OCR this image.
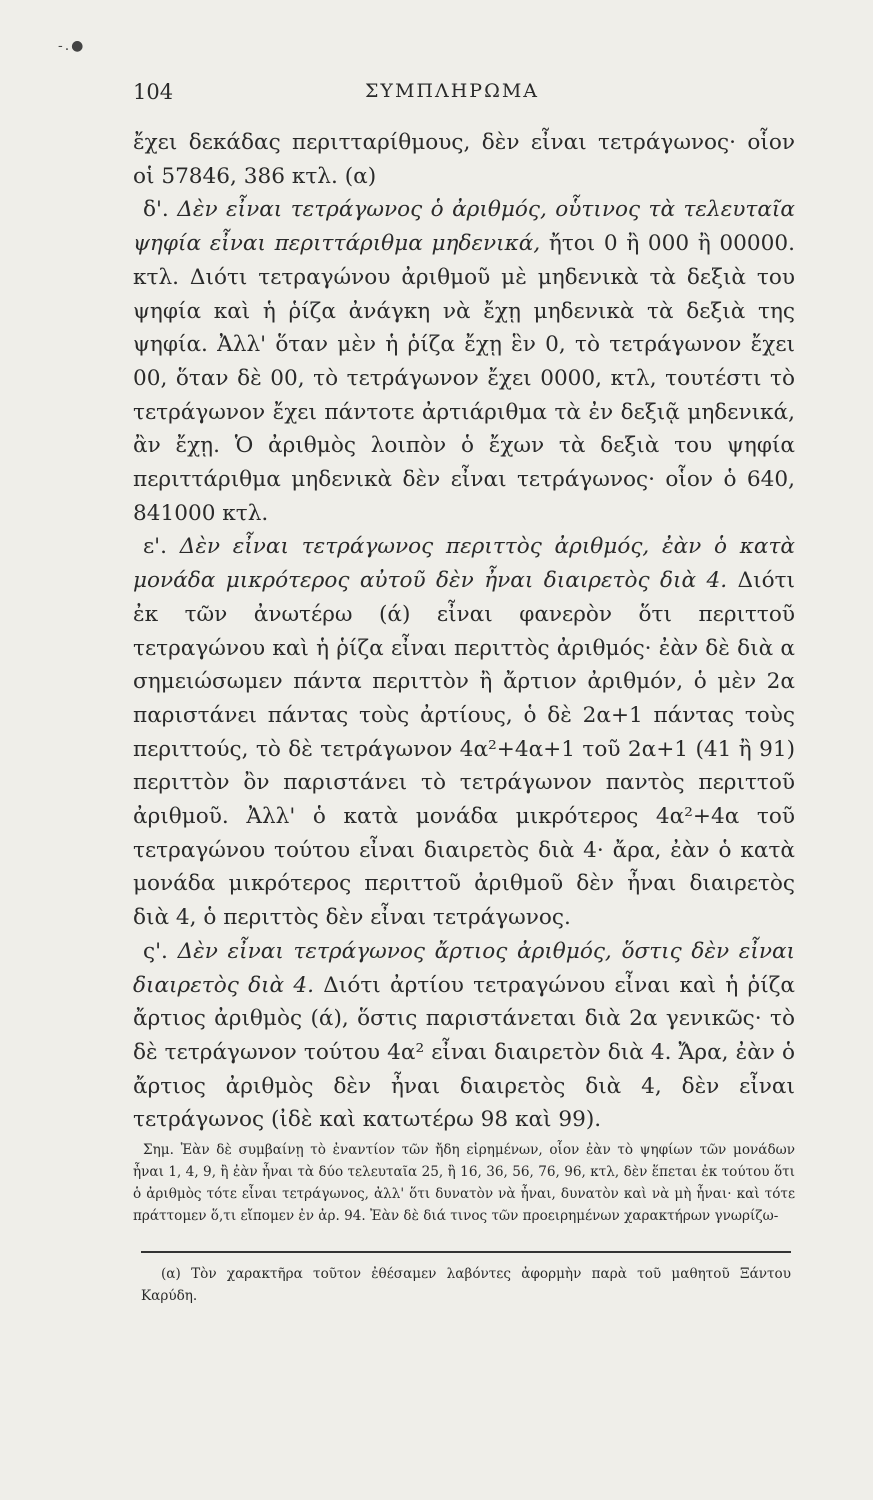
-.●
104	ΣΥΜΠΛΗΡΩΜΑ

ἔχει δεκάδας περιτταρίθμους, δὲν εἶναι τετράγωνος· οἷον οἱ 57846, 386 κτλ. (α)

δ'. Δὲν εἶναι τετράγωνος ὁ ἀριθμός, οὗτινος τὰ τελευταῖα ψηφία εἶναι περιττάριθμα μηδενικά, ἤτοι 0 ἢ 000 ἢ 00000. κτλ. Διότι τετραγώνου ἀριθμοῦ μὲ μηδενικὰ τὰ δεξιὰ του ψηφία καὶ ἡ ῥίζα ἀνάγκη νὰ ἔχῃ μηδενικὰ τὰ δεξιὰ της ψηφία. Ἀλλ' ὅταν μὲν ἡ ῥίζα ἔχῃ ἓν 0, τὸ τετράγωνον ἔχει 00, ὅταν δὲ 00, τὸ τετράγωνον ἔχει 0000, κτλ, τουτέστι τὸ τετράγωνον ἔχει πάντοτε ἀρτιάριθμα τὰ ἐν δεξιᾷ μηδενικά, ἂν ἔχῃ. Ὁ ἀριθμὸς λοιπὸν ὁ ἔχων τὰ δεξιὰ του ψηφία περιττάριθμα μηδενικὰ δὲν εἶναι τετράγωνος· οἷον ὁ 640, 841000 κτλ.

ε'. Δὲν εἶναι τετράγωνος περιττὸς ἀριθμός, ἐὰν ὁ κατὰ μονάδα μικρότερος αὐτοῦ δὲν ἦναι διαιρετὸς διὰ 4. Διότι ἐκ τῶν ἀνωτέρω (ά) εἶναι φανερὸν ὅτι περιττοῦ τετραγώνου καὶ ἡ ῥίζα εἶναι περιττὸς ἀριθμός· ἐὰν δὲ διὰ α σημειώσωμεν πάντα περιττὸν ἢ ἄρτιον ἀριθμόν, ὁ μὲν 2α παριστάνει πάντας τοὺς ἀρτίους, ὁ δὲ 2α+1 πάντας τοὺς περιττούς, τὸ δὲ τετράγωνον 4α²+4α+1 τοῦ 2α+1 (41 ἢ 91) περιττὸν ὂν παριστάνει τὸ τετράγωνον παντὸς περιττοῦ ἀριθμοῦ. Ἀλλ' ὁ κατὰ μονάδα μικρότερος 4α²+4α τοῦ τετραγώνου τούτου εἶναι διαιρετὸς διὰ 4· ἄρα, ἐὰν ὁ κατὰ μονάδα μικρότερος περιττοῦ ἀριθμοῦ δὲν ἦναι διαιρετὸς διὰ 4, ὁ περιττὸς δὲν εἶναι τετράγωνος.

ς'. Δὲν εἶναι τετράγωνος ἄρτιος ἀριθμός, ὅστις δὲν εἶναι διαιρετὸς διὰ 4. Διότι ἀρτίου τετραγώνου εἶναι καὶ ἡ ῥίζα ἄρτιος ἀριθμὸς (ά), ὅστις παριστάνεται διὰ 2α γενικῶς· τὸ δὲ τετράγωνον τούτου 4α² εἶναι διαιρετὸν διὰ 4. Ἄρα, ἐὰν ὁ ἄρτιος ἀριθμὸς δὲν ἦναι διαιρετὸς διὰ 4, δὲν εἶναι τετράγωνος (ἰδὲ καὶ κατωτέρω 98 καὶ 99).

Σημ. Ἐὰν δὲ συμβαίνῃ τὸ ἐναντίον τῶν ἤδη εἰρημένων, οἷον ἐὰν τὸ ψηφίων τῶν μονάδων ἦναι 1, 4, 9, ἢ ἐὰν ἦναι τὰ δύο τελευταῖα 25, ἢ 16, 36, 56, 76, 96, κτλ, δὲν ἕπεται ἐκ τούτου ὅτι ὁ ἀριθμὸς τότε εἶναι τετράγωνος, ἀλλ' ὅτι δυνατὸν νὰ ἦναι, δυνατὸν καὶ νὰ μὴ ἦναι· καὶ τότε πράττομεν ὅ,τι εἴπομεν ἐν ἀρ. 94. Ἐὰν δὲ διά τινος τῶν προειρημένων χαρακτήρων γνωρίζω-

(α) Τὸν χαρακτῆρα τοῦτον ἐθέσαμεν λαβόντες ἀφορμὴν παρὰ τοῦ μαθητοῦ Ξάντου Καρύδη.
